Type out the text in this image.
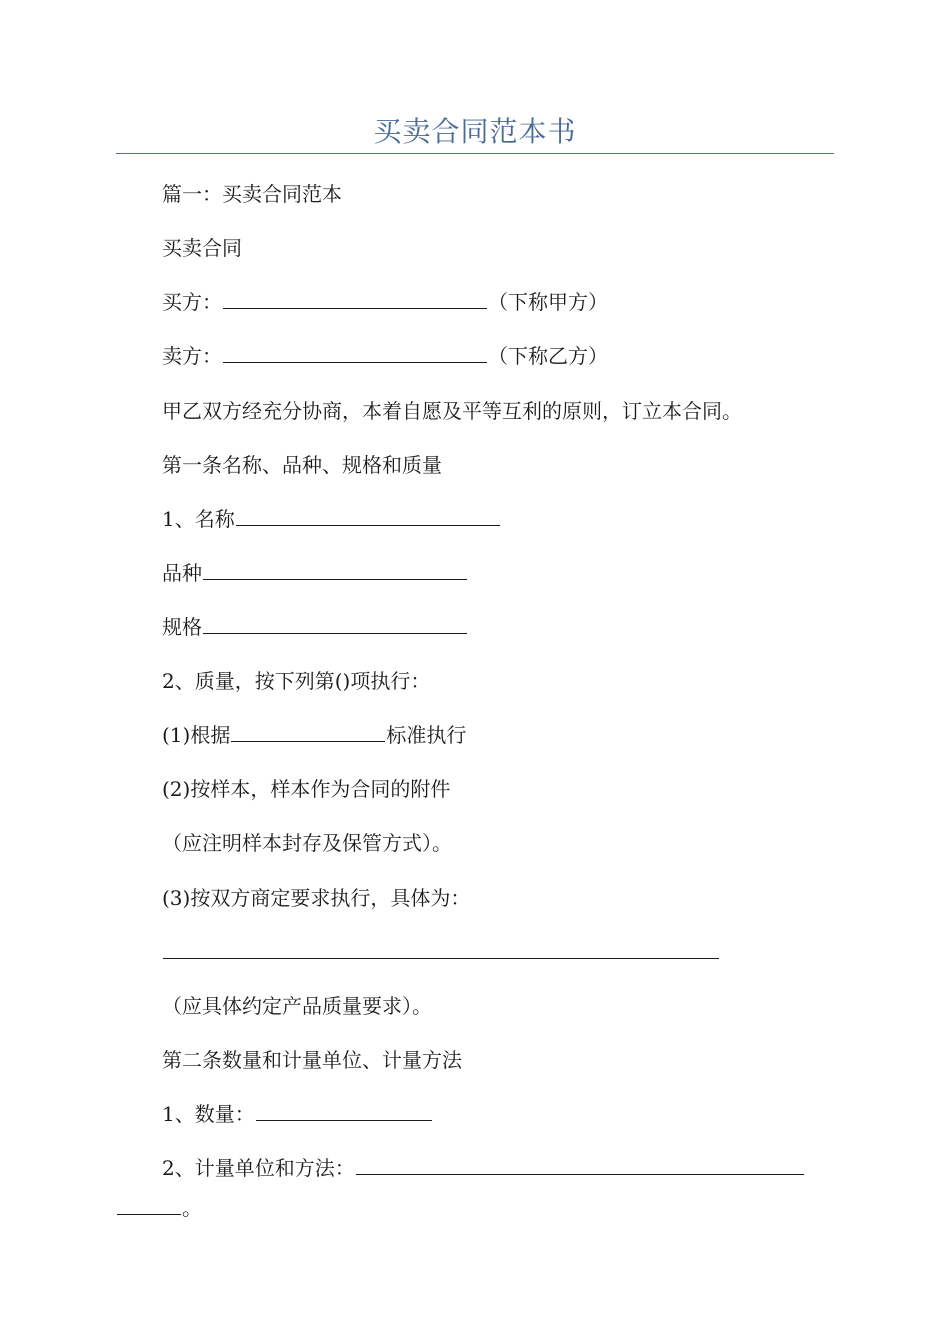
买卖合同范本书
篇一：买卖合同范本
买卖合同
买方：	（下称甲方）
卖方：	（下称乙方）
甲乙双方经充分协商，本着自愿及平等互利的原则，订立本合同。
第一条名称、品种、规格和质量
1、名称
品种
规格
2、质量，按下列第()项执行：
(1)根据	标准执行
(2)按样本，样本作为合同的附件
（应注明样本封存及保管方式）。
(3)按双方商定要求执行，具体为：
（应具体约定产品质量要求）。
第二条数量和计量单位、计量方法
1、数量：
2、计量单位和方法：
。
